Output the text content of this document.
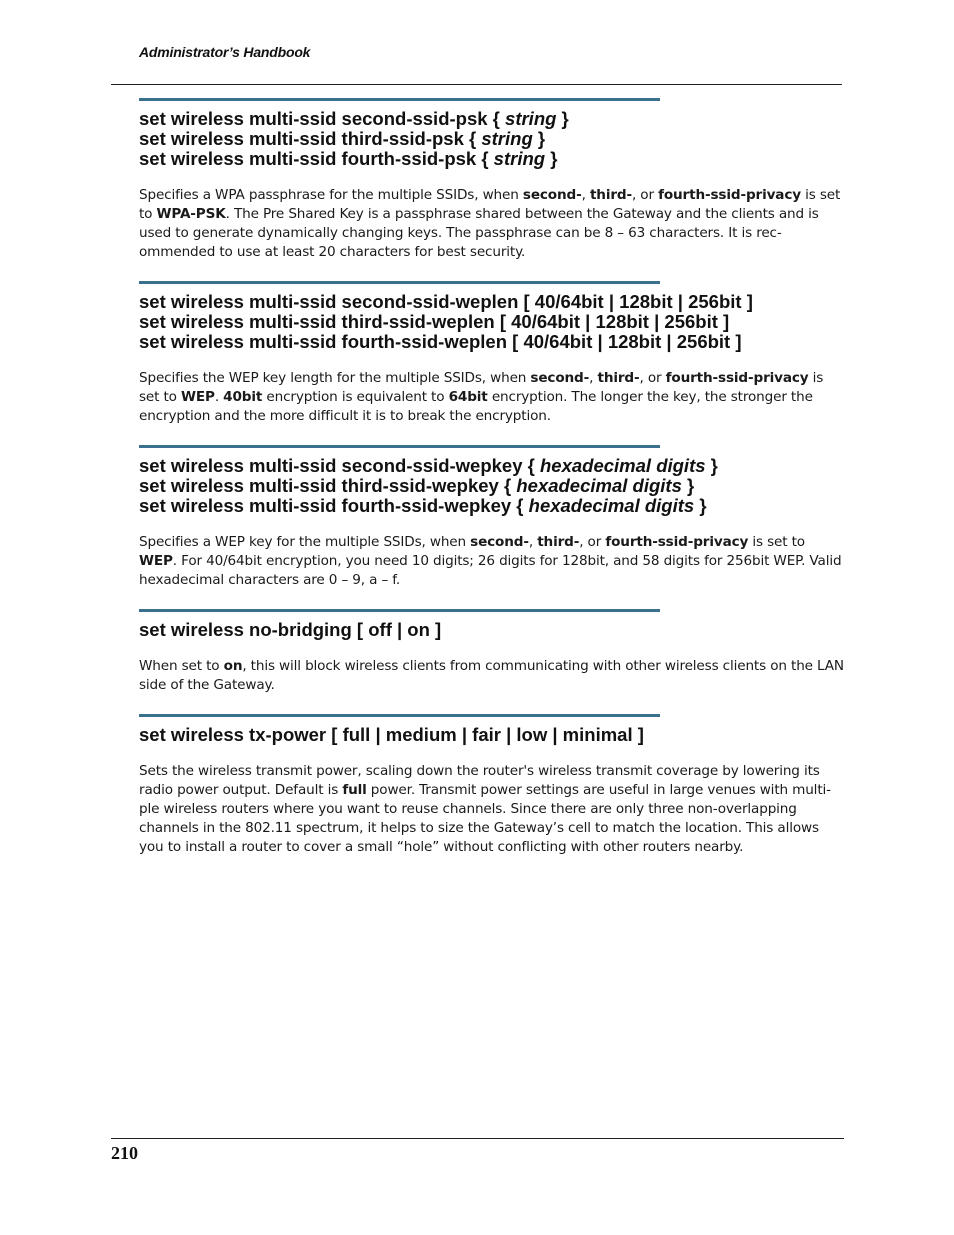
Administrator’s Handbook
set wireless multi-ssid second-ssid-psk { string }
set wireless multi-ssid third-ssid-psk { string }
set wireless multi-ssid fourth-ssid-psk { string }
Specifies a WPA passphrase for the multiple SSIDs, when second-, third-, or fourth-ssid-privacy is set to WPA-PSK. The Pre Shared Key is a passphrase shared between the Gateway and the clients and is used to generate dynamically changing keys. The passphrase can be 8 – 63 characters. It is rec-ommended to use at least 20 characters for best security.
set wireless multi-ssid second-ssid-weplen [ 40/64bit | 128bit | 256bit ]
set wireless multi-ssid third-ssid-weplen [ 40/64bit | 128bit | 256bit ]
set wireless multi-ssid fourth-ssid-weplen [ 40/64bit | 128bit | 256bit ]
Specifies the WEP key length for the multiple SSIDs, when second-, third-, or fourth-ssid-privacy is set to WEP. 40bit encryption is equivalent to 64bit encryption. The longer the key, the stronger the encryption and the more difficult it is to break the encryption.
set wireless multi-ssid second-ssid-wepkey { hexadecimal digits }
set wireless multi-ssid third-ssid-wepkey { hexadecimal digits }
set wireless multi-ssid fourth-ssid-wepkey { hexadecimal digits }
Specifies a WEP key for the multiple SSIDs, when second-, third-, or fourth-ssid-privacy is set to WEP. For 40/64bit encryption, you need 10 digits; 26 digits for 128bit, and 58 digits for 256bit WEP. Valid hexadecimal characters are 0 – 9, a – f.
set wireless no-bridging [ off | on ]
When set to on, this will block wireless clients from communicating with other wireless clients on the LAN side of the Gateway.
set wireless tx-power [ full | medium | fair | low | minimal ]
Sets the wireless transmit power, scaling down the router's wireless transmit coverage by lowering its radio power output. Default is full power. Transmit power settings are useful in large venues with multi-ple wireless routers where you want to reuse channels. Since there are only three non-overlapping channels in the 802.11 spectrum, it helps to size the Gateway’s cell to match the location. This allows you to install a router to cover a small “hole” without conflicting with other routers nearby.
210
